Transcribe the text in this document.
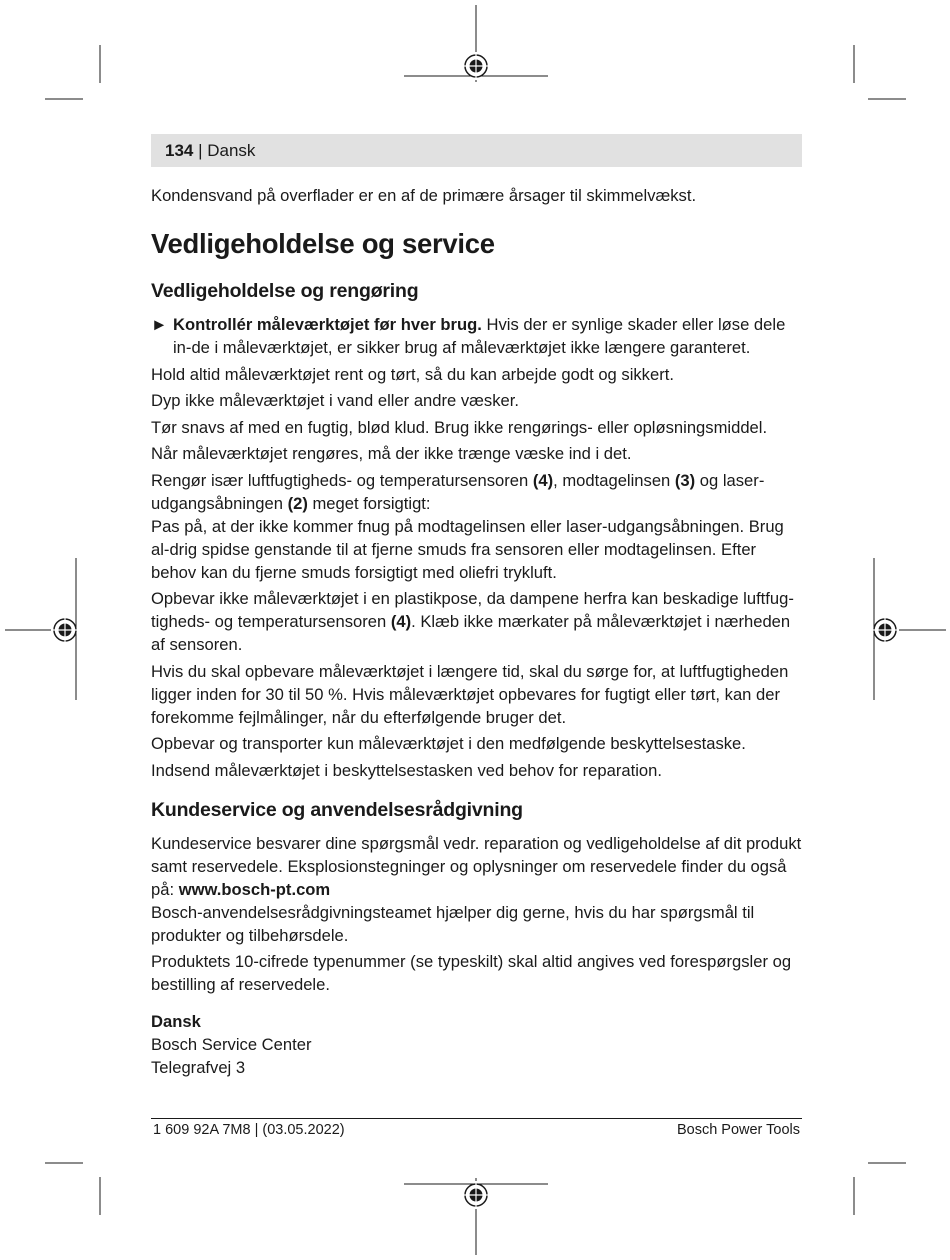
134 | Dansk

Kondensvand på overflader er en af de primære årsager til skimmelvækst.

Vedligeholdelse og service
Vedligeholdelse og rengøring

► Kontrollér måleværktøjet før hver brug. Hvis der er synlige skader eller løse dele in-de i måleværktøjet, er sikker brug af måleværktøjet ikke længere garanteret.

Hold altid måleværktøjet rent og tørt, så du kan arbejde godt og sikkert.

Dyp ikke måleværktøjet i vand eller andre væsker.

Tør snavs af med en fugtig, blød klud. Brug ikke rengørings- eller opløsningsmiddel.

Når måleværktøjet rengøres, må der ikke trænge væske ind i det.

Rengør især luftfugtigheds- og temperatursensoren (4), modtagelinsen (3) og laser-udgangsåbningen (2) meget forsigtigt:

Pas på, at der ikke kommer fnug på modtagelinsen eller laser-udgangsåbningen. Brug al-drig spidse genstande til at fjerne smuds fra sensoren eller modtagelinsen. Efter behov kan du fjerne smuds forsigtigt med oliefri trykluft.

Opbevar ikke måleværktøjet i en plastikpose, da dampene herfra kan beskadige luftfug-tigheds- og temperatursensoren (4). Klæb ikke mærkater på måleværktøjet i nærheden af sensoren.

Hvis du skal opbevare måleværktøjet i længere tid, skal du sørge for, at luftfugtigheden ligger inden for 30 til 50 %. Hvis måleværktøjet opbevares for fugtigt eller tørt, kan der forekomme fejlmålinger, når du efterfølgende bruger det.

Opbevar og transporter kun måleværktøjet i den medfølgende beskyttelsestaske.

Indsend måleværktøjet i beskyttelsestasken ved behov for reparation.

Kundeservice og anvendelsesrådgivning

Kundeservice besvarer dine spørgsmål vedr. reparation og vedligeholdelse af dit produkt samt reservedele. Eksplosionstegninger og oplysninger om reservedele finder du også på: www.bosch-pt.com

Bosch-anvendelsesrådgivningsteamet hjælper dig gerne, hvis du har spørgsmål til produkter og tilbehørsdele.

Produktets 10-cifrede typenummer (se typeskilt) skal altid angives ved forespørgsler og bestilling af reservedele.

Dansk
Bosch Service Center
Telegrafvej 3
1 609 92A 7M8 | (03.05.2022)	Bosch Power Tools
